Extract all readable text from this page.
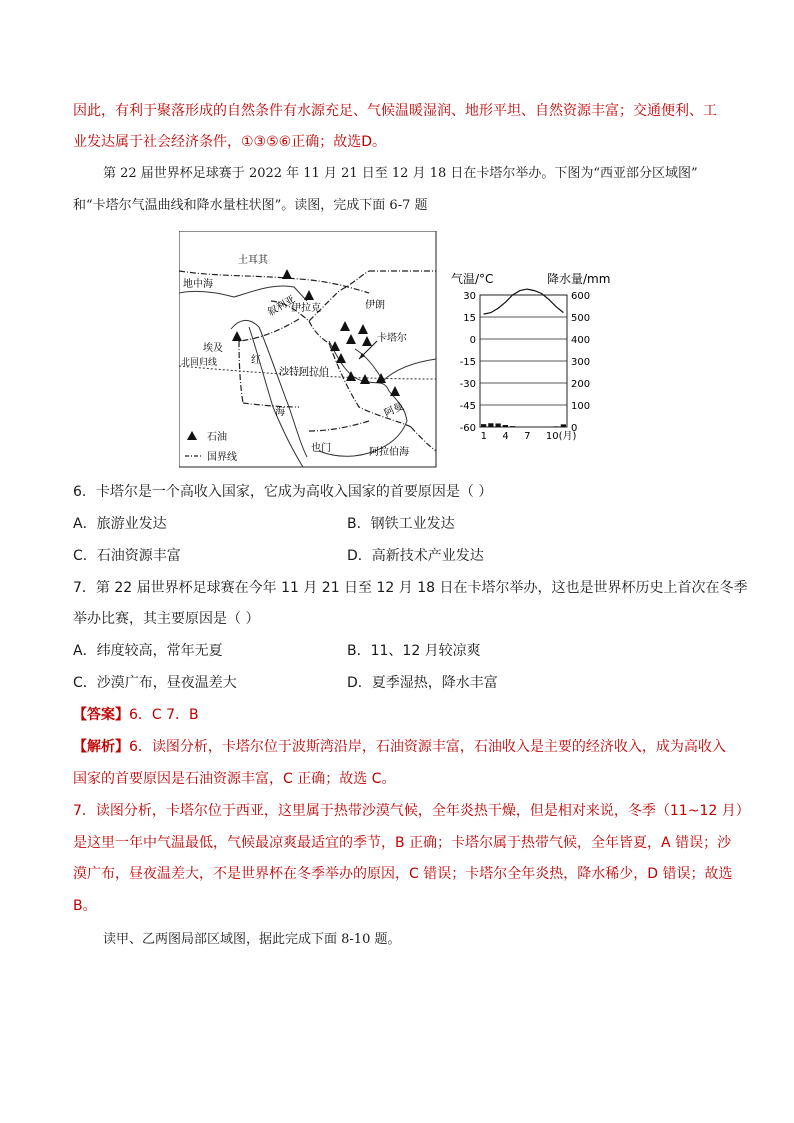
因此，有利于聚落形成的自然条件有水源充足、气候温暖湿润、地形平坦、自然资源丰富；交通便利、工
业发达属于社会经济条件，①③⑤⑥正确；故选D。
第 22 届世界杯足球赛于 2022 年 11 月 21 日至 12 月 18 日在卡塔尔举办。下图为“西亚部分区域图”
和“卡塔尔气温曲线和降水量柱状图”。读图，完成下面 6-7 题
土耳其
地中海
叙利亚
伊拉克	伊朗
卡塔尔
埃及
北回归线	红
海
沙特阿拉伯
阿曼
也门	阿拉伯海
石油
国界线
气温/°C	降水量/mm
30
15
0
-15
-30
-45
-60
600
500
400
300
200
100
0
1 4 7 10(月)
6．卡塔尔是一个高收入国家，它成为高收入国家的首要原因是（ ）
A．旅游业发达	B．钢铁工业发达
C．石油资源丰富	D．高新技术产业发达
7．第 22 届世界杯足球赛在今年 11 月 21 日至 12 月 18 日在卡塔尔举办，这也是世界杯历史上首次在冬季
举办比赛，其主要原因是（ ）
A．纬度较高，常年无夏	B．11、12 月较凉爽
C．沙漠广布，昼夜温差大	D．夏季湿热，降水丰富
【答案】6．C 7．B
【解析】6．读图分析，卡塔尔位于波斯湾沿岸，石油资源丰富，石油收入是主要的经济收入，成为高收入
国家的首要原因是石油资源丰富，C 正确；故选 C。
7．读图分析，卡塔尔位于西亚，这里属于热带沙漠气候，全年炎热干燥，但是相对来说，冬季（11~12 月）
是这里一年中气温最低，气候最凉爽最适宜的季节，B 正确；卡塔尔属于热带气候，全年皆夏，A 错误；沙
漠广布，昼夜温差大，不是世界杯在冬季举办的原因，C 错误；卡塔尔全年炎热，降水稀少，D 错误；故选
B。
读甲、乙两图局部区域图，据此完成下面 8-10 题。
